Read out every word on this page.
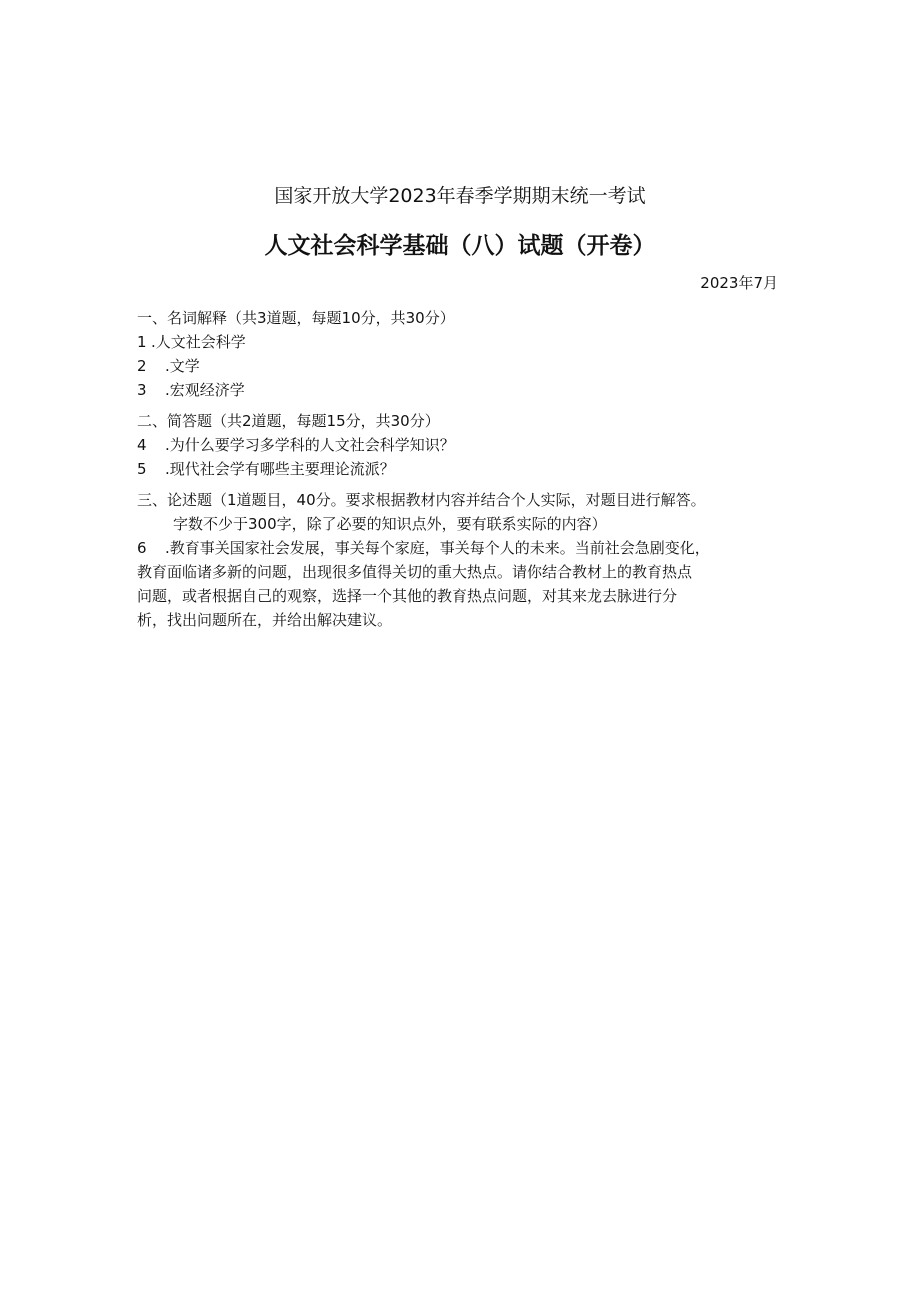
国家开放大学2023年春季学期期末统一考试
人文社会科学基础（八）试题（开卷）
2023年7月
一、名词解释（共3道题，每题10分，共30分）
1 .人文社会科学
2 .文学
3 .宏观经济学
二、简答题（共2道题，每题15分，共30分）
4 .为什么要学习多学科的人文社会科学知识？
5 .现代社会学有哪些主要理论流派？
三、论述题（1道题目，40分。要求根据教材内容并结合个人实际，对题目进行解答。
字数不少于300字，除了必要的知识点外，要有联系实际的内容）
6 .教育事关国家社会发展，事关每个家庭，事关每个人的未来。当前社会急剧变化，
教育面临诸多新的问题，出现很多值得关切的重大热点。请你结合教材上的教育热点
问题，或者根据自己的观察，选择一个其他的教育热点问题，对其来龙去脉进行分
析，找出问题所在，并给出解决建议。
